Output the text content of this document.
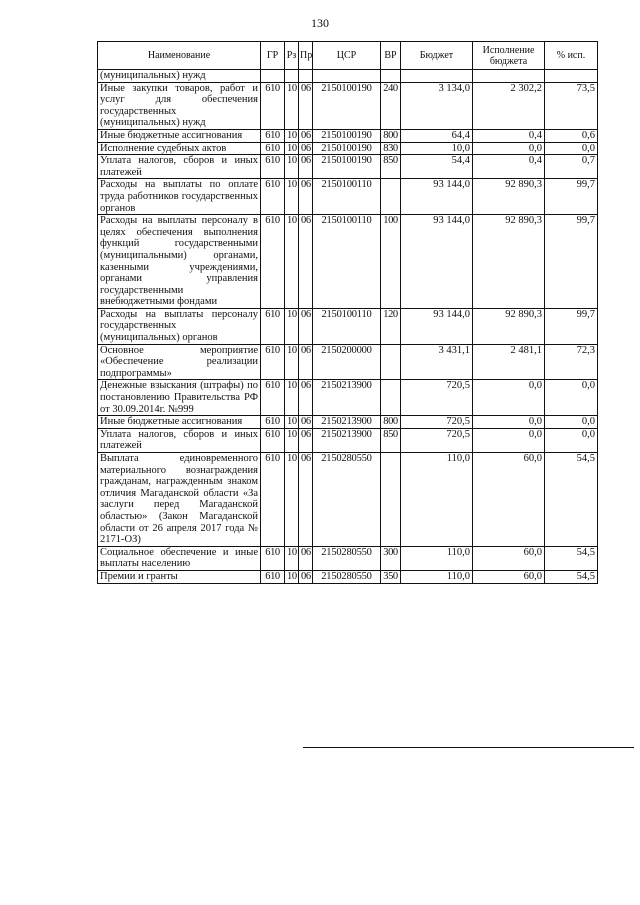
130
Наименование	ГР	Рз	Пр	ЦСР	ВР	Бюджет	Исполнение бюджета	% исп.
(муниципальных) нужд								
Иные закупки товаров, работ и услуг для обеспечения государственных (муниципальных) нужд	610	10	06	2150100190	240	3 134,0	2 302,2	73,5
Иные бюджетные ассигнования	610	10	06	2150100190	800	64,4	0,4	0,6
Исполнение судебных актов	610	10	06	2150100190	830	10,0	0,0	0,0
Уплата налогов, сборов и иных платежей	610	10	06	2150100190	850	54,4	0,4	0,7
Расходы на выплаты по оплате труда работников государственных органов	610	10	06	2150100110		93 144,0	92 890,3	99,7
Расходы на выплаты персоналу в целях обеспечения выполнения функций государственными (муниципальными) органами, казенными учреждениями, органами управления государственными внебюджетными фондами	610	10	06	2150100110	100	93 144,0	92 890,3	99,7
Расходы на выплаты персоналу государственных (муниципальных) органов	610	10	06	2150100110	120	93 144,0	92 890,3	99,7
Основное мероприятие «Обеспечение реализации подпрограммы»	610	10	06	2150200000		3 431,1	2 481,1	72,3
Денежные взыскания (штрафы) по постановлению Правительства РФ от 30.09.2014г. №999	610	10	06	2150213900		720,5	0,0	0,0
Иные бюджетные ассигнования	610	10	06	2150213900	800	720,5	0,0	0,0
Уплата налогов, сборов и иных платежей	610	10	06	2150213900	850	720,5	0,0	0,0
Выплата единовременного материального вознаграждения гражданам, награжденным знаком отличия Магаданской области «За заслуги перед Магаданской областью» (Закон Магаданской области от 26 апреля 2017 года № 2171-ОЗ)	610	10	06	2150280550		110,0	60,0	54,5
Социальное обеспечение и иные выплаты населению	610	10	06	2150280550	300	110,0	60,0	54,5
Премии и гранты	610	10	06	2150280550	350	110,0	60,0	54,5
